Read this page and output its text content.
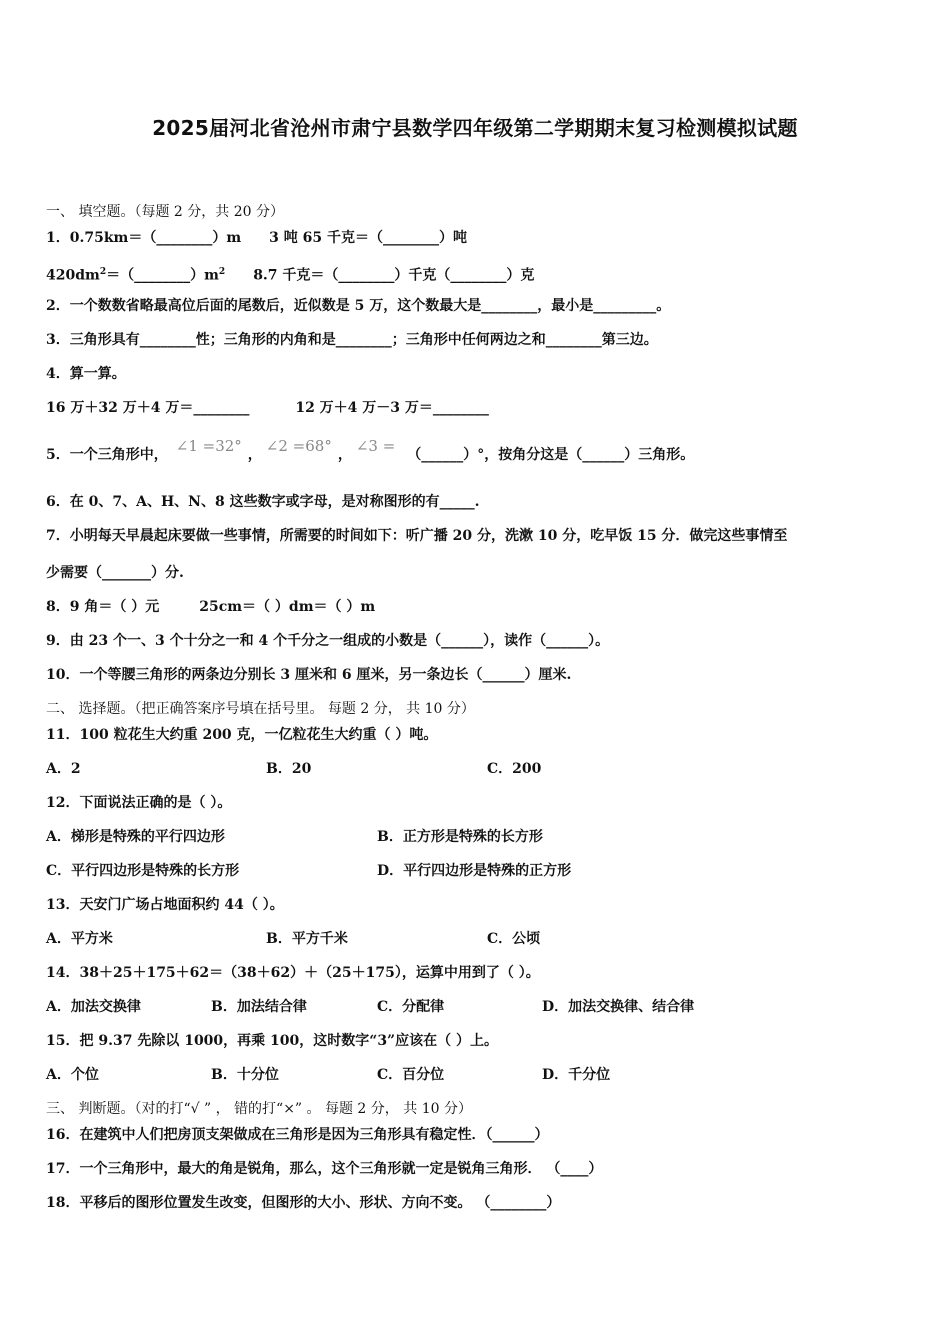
2025届河北省沧州市肃宁县数学四年级第二学期期末复习检测模拟试题
一、 填空题。（每题 2 分，共 20 分）
1．0.75km＝（________）m 3 吨 65 千克＝（________）吨
$420dm^2=(\_\_\_\_\_\_\_\_)m^2$ 8.7 千克＝（________）千克（________）克
2．一个数数省略最高位后面的尾数后，近似数是 5 万，这个数最大是________，最小是_________。
3．三角形具有________性；三角形的内角和是________；三角形中任何两边之和________第三边。
4．算一算。
16 万＋32 万＋4 万＝________	12 万＋4 万－3 万＝________
5．一个三角形中， ∠1 =32° ， ∠2 =68° ， ∠3 = （______）°，按角分这是（______）三角形。
6．在 0、7、A、H、N、8 这些数字或字母，是对称图形的有_____.
7．小明每天早晨起床要做一些事情，所需要的时间如下：听广播 20 分，洗漱 10 分，吃早饭 15 分．做完这些事情至
少需要（_______）分.
8．9 角＝（ ）元	25cm＝（ ）dm＝（ ）m
9．由 23 个一、3 个十分之一和 4 个千分之一组成的小数是（______），读作（______）。
10．一个等腰三角形的两条边分别长 3 厘米和 6 厘米，另一条边长（______）厘米.
二、 选择题。（把正确答案序号填在括号里。 每题 2 分， 共 10 分）
11．100 粒花生大约重 200 克，一亿粒花生大约重（ ）吨。
A．2	B．20	C．200
12．下面说法正确的是（ ）。
A．梯形是特殊的平行四边形	B．正方形是特殊的长方形
C．平行四边形是特殊的长方形	D．平行四边形是特殊的正方形
13．天安门广场占地面积约 44（ ）。
A．平方米	B．平方千米	C．公顷
14．38＋25＋175＋62＝（38＋62）＋（25＋175），运算中用到了（ ）。
A．加法交换律	B．加法结合律	C．分配律	D．加法交换律、结合律
15．把 9.37 先除以 1000，再乘 100，这时数字“3”应该在（ ）上。
A．个位	B．十分位	C．百分位	D．千分位
三、 判断题。（对的打“√ ” ， 错的打“×” 。 每题 2 分， 共 10 分）
16．在建筑中人们把房顶支架做成在三角形是因为三角形具有稳定性．（______）
17．一个三角形中，最大的角是锐角，那么，这个三角形就一定是锐角三角形． （____）
18．平移后的图形位置发生改变，但图形的大小、形状、方向不变。 （________）
